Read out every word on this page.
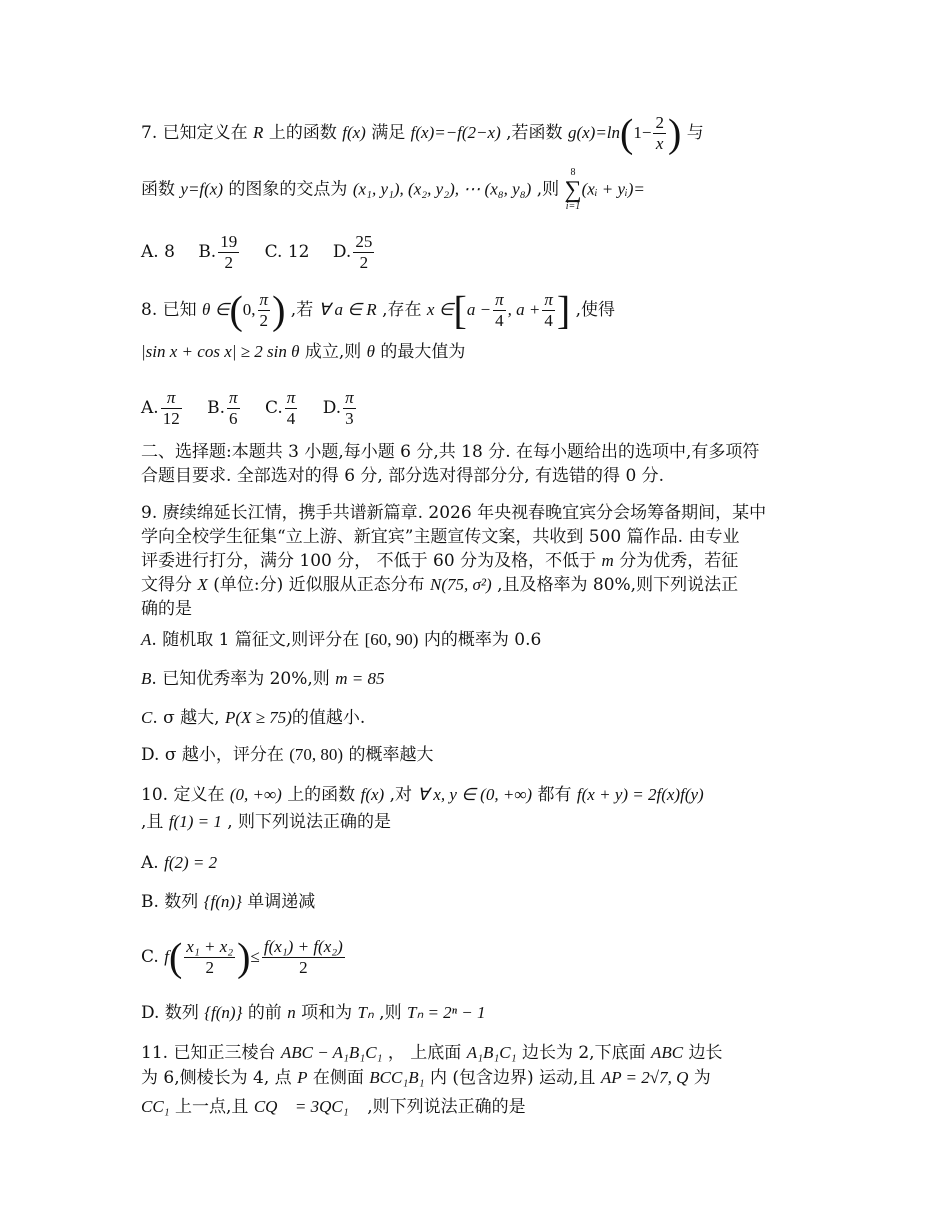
7. 已知定义在 R 上的函数 f(x) 满足 f(x)=−f(2−x) ,若函数 $g(x)=\ln(1- \frac{2}{x}$ ) 与
函数 y=f(x) 的图象的交点为 (x₁, y₁), (x₂, y₂), ⋯ (x₈, y₈) ,则
8
∑
i=1
(xᵢ + yᵢ)=
A. 8 B. $\frac{19}{2} C$. 12 D. $\frac{25}{2}$
8. 已知 θ ∈(0, $\frac{\pi}{2}$ ) ,若 ∀ a ∈ R ,存在 x ∈[a − $\frac{\pi}{4}$ , $a + \frac{\pi}{4}$ ] ,使得
|sin x + cos x| ≥ 2 sin θ 成立,则 θ 的最大值为
A. $\frac{\pi}{12} B$. $\frac{\pi}{6} C$. $\frac{\pi}{4} D$. $\frac{\pi}{3}$
二、选择题:本题共 3 小题,每小题 6 分,共 18 分. 在每小题给出的选项中,有多项符
合题目要求. 全部选对的得 6 分, 部分选对得部分分, 有选错的得 0 分.
9. 赓续绵延长江情，携手共谱新篇章. 2026 年央视春晚宜宾分会场筹备期间，某中
学向全校学生征集“立上游、新宜宾”主题宣传文案，共收到 500 篇作品. 由专业
评委进行打分，满分 100 分， 不低于 60 分为及格，不低于 m 分为优秀，若征
文得分 X (单位:分) 近似服从正态分布 N(75, σ²) ,且及格率为 80%,则下列说法正
确的是
A. 随机取 1 篇征文,则评分在 [60, 90) 内的概率为 0.6
B. 已知优秀率为 20%,则 m = 85
C. σ 越大, P(X ≥ 75)的值越小.
D. σ 越小，评分在 (70, 80) 的概率越大
10. 定义在 (0, +∞) 上的函数 f(x) ,对 ∀ x, y ∈ (0, +∞) 都有 f(x + y) = 2f(x)f(y)
,且 f(1) = 1 , 则下列说法正确的是
A. f(2) = 2
B. 数列 {f(n)} 单调递减
C. $f( \frac{\text{x₁ + x₂}}{2}$ )≤ $\frac{\text{f(x₁) + f(x₂)}}{2}$
D. 数列 {f(n)} 的前 n 项和为 Tₙ ,则 Tₙ = 2ⁿ − 1
11. 已知正三棱台 ABC − A₁B₁C₁ ， 上底面 A₁B₁C₁ 边长为 2,下底面 ABC 边长
为 6,侧棱长为 4, 点 P 在侧面 BCC₁B₁ 内 (包含边界) 运动,且 AP = 2√7, Q 为
CC₁ 上一点,且 CQ⃗ = 3QC₁⃗ ,则下列说法正确的是
